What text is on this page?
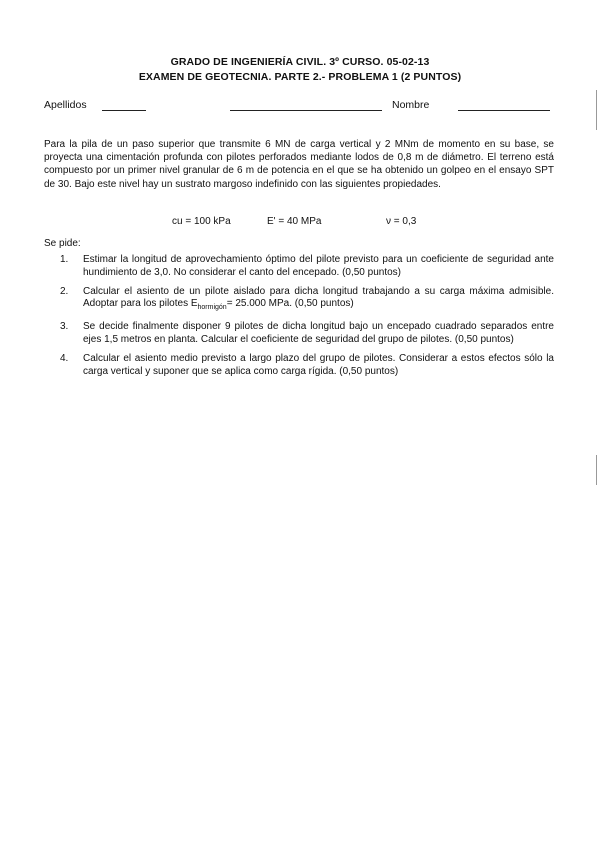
GRADO DE INGENIERÍA CIVIL. 3º CURSO. 05-02-13
EXAMEN DE GEOTECNIA. PARTE 2.- PROBLEMA 1 (2 PUNTOS)
Apellidos	Nombre
Para la pila de un paso superior que transmite 6 MN de carga vertical y 2 MNm de momento en su base, se proyecta una cimentación profunda con pilotes perforados mediante lodos de 0,8 m de diámetro. El terreno está compuesto por un primer nivel granular de 6 m de potencia en el que se ha obtenido un golpeo en el ensayo SPT de 30. Bajo este nivel hay un sustrato margoso indefinido con las siguientes propiedades.
cu = 100 kPa	E' = 40 MPa	ν = 0,3
Se pide:
1. Estimar la longitud de aprovechamiento óptimo del pilote previsto para un coeficiente de seguridad ante hundimiento de 3,0. No considerar el canto del encepado. (0,50 puntos)
2. Calcular el asiento de un pilote aislado para dicha longitud trabajando a su carga máxima admisible. Adoptar para los pilotes $E_{hormigón}= 25.000$ MPa. (0,50 puntos)
3. Se decide finalmente disponer 9 pilotes de dicha longitud bajo un encepado cuadrado separados entre ejes 1,5 metros en planta. Calcular el coeficiente de seguridad del grupo de pilotes. (0,50 puntos)
4. Calcular el asiento medio previsto a largo plazo del grupo de pilotes. Considerar a estos efectos sólo la carga vertical y suponer que se aplica como carga rígida. (0,50 puntos)
